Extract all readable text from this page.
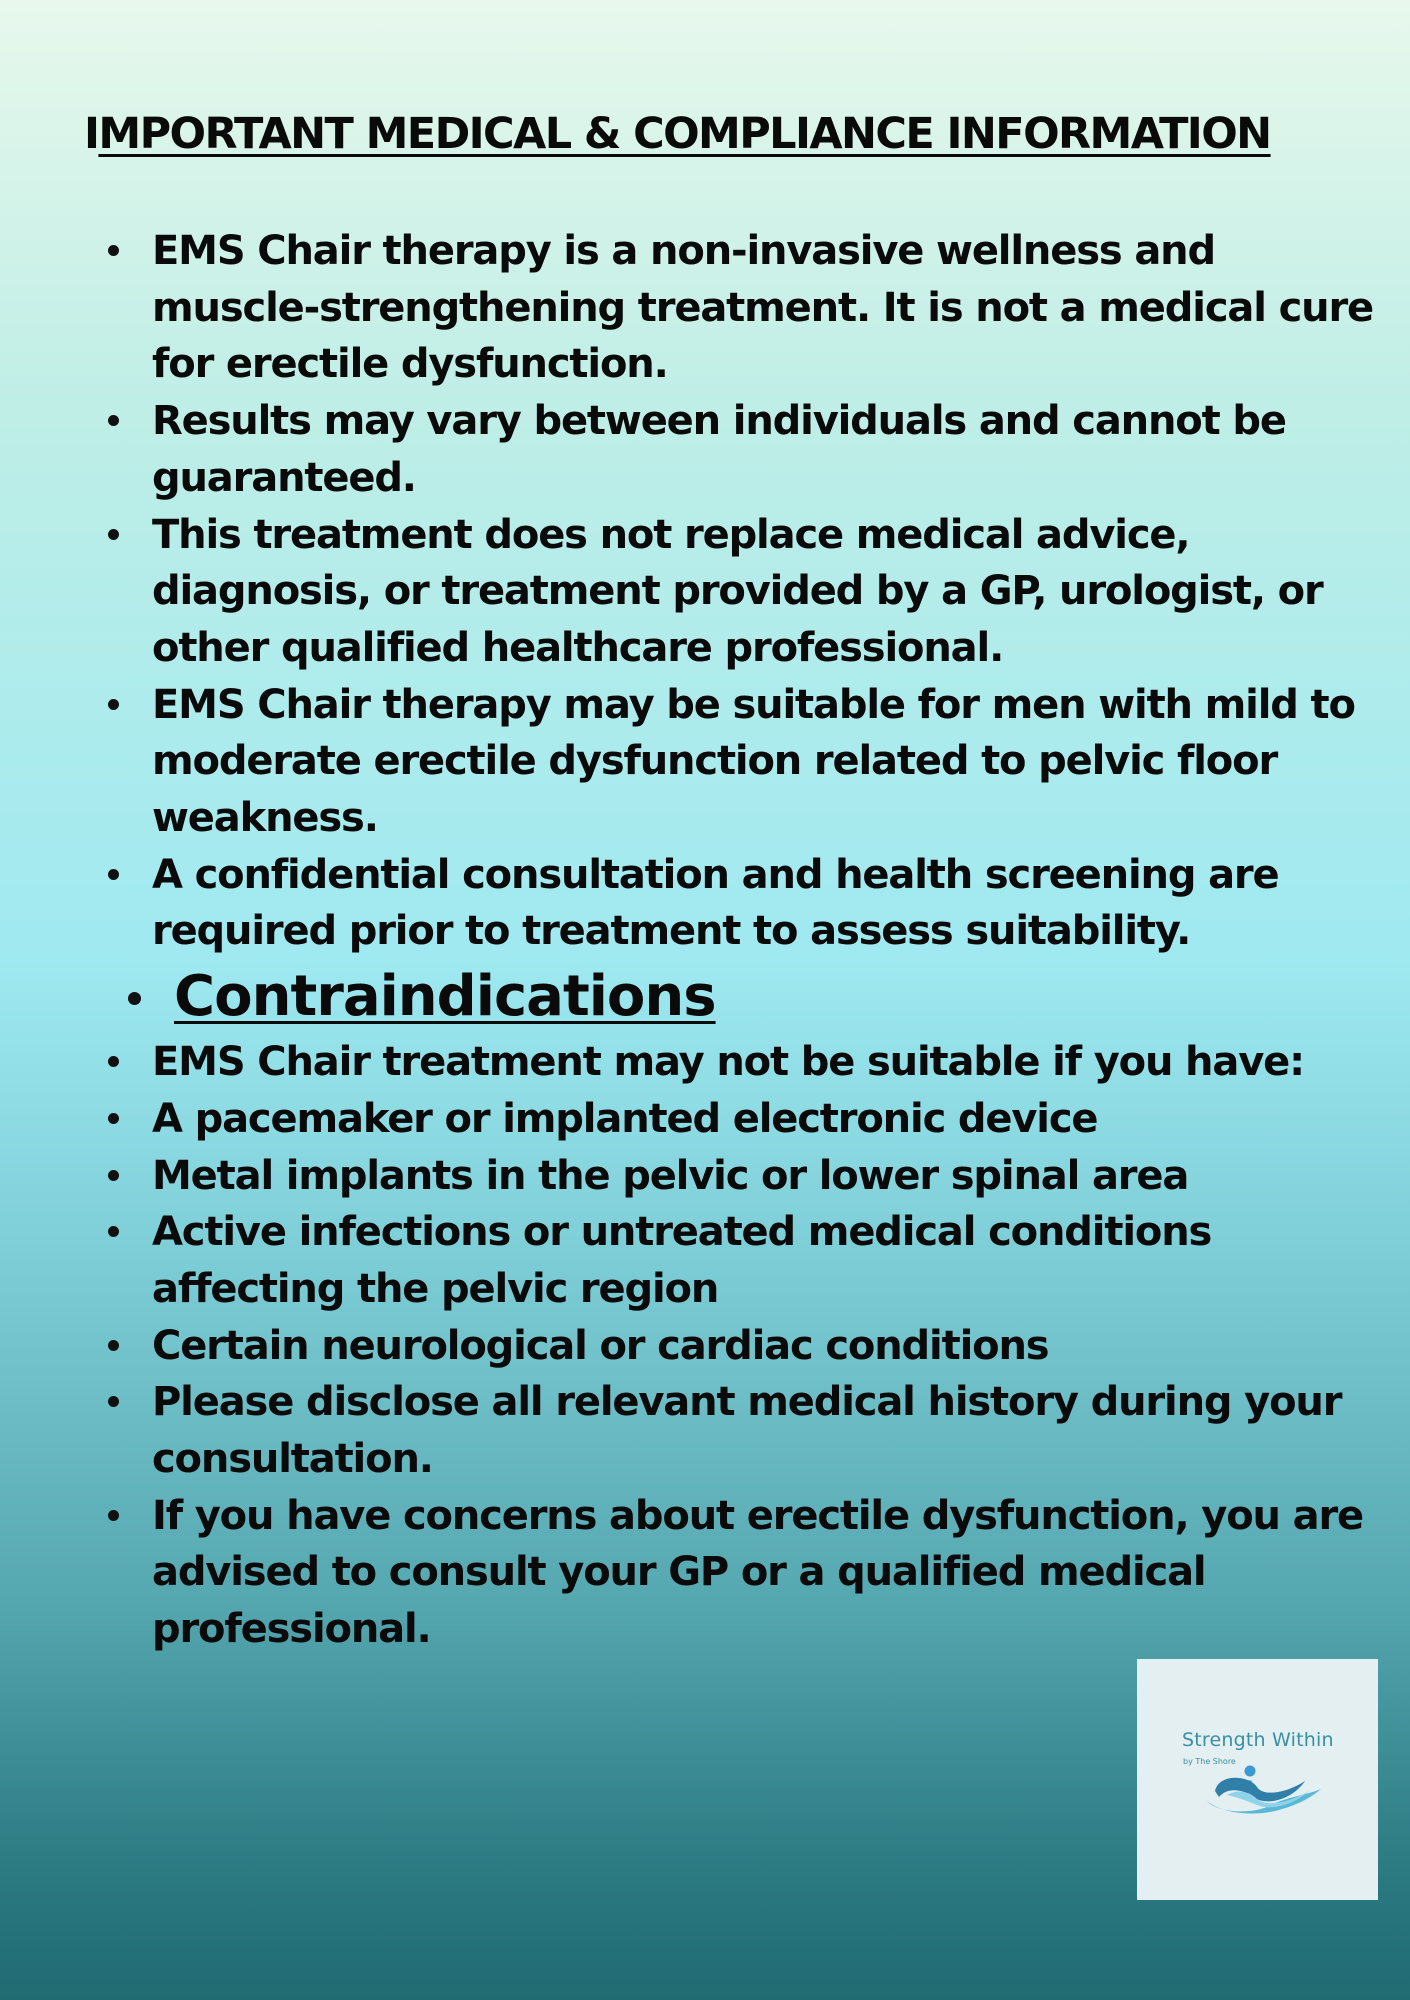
IMPORTANT MEDICAL & COMPLIANCE INFORMATION
EMS Chair therapy is a non-invasive wellness and muscle-strengthening treatment. It is not a medical cure for erectile dysfunction.
Results may vary between individuals and cannot be guaranteed.
This treatment does not replace medical advice, diagnosis, or treatment provided by a GP, urologist, or other qualified healthcare professional.
EMS Chair therapy may be suitable for men with mild to moderate erectile dysfunction related to pelvic floor weakness.
A confidential consultation and health screening are required prior to treatment to assess suitability.
Contraindications
EMS Chair treatment may not be suitable if you have:
A pacemaker or implanted electronic device
Metal implants in the pelvic or lower spinal area
Active infections or untreated medical conditions affecting the pelvic region
Certain neurological or cardiac conditions
Please disclose all relevant medical history during your consultation.
If you have concerns about erectile dysfunction, you are advised to consult your GP or a qualified medical professional.
Strength Within
by The Shore
